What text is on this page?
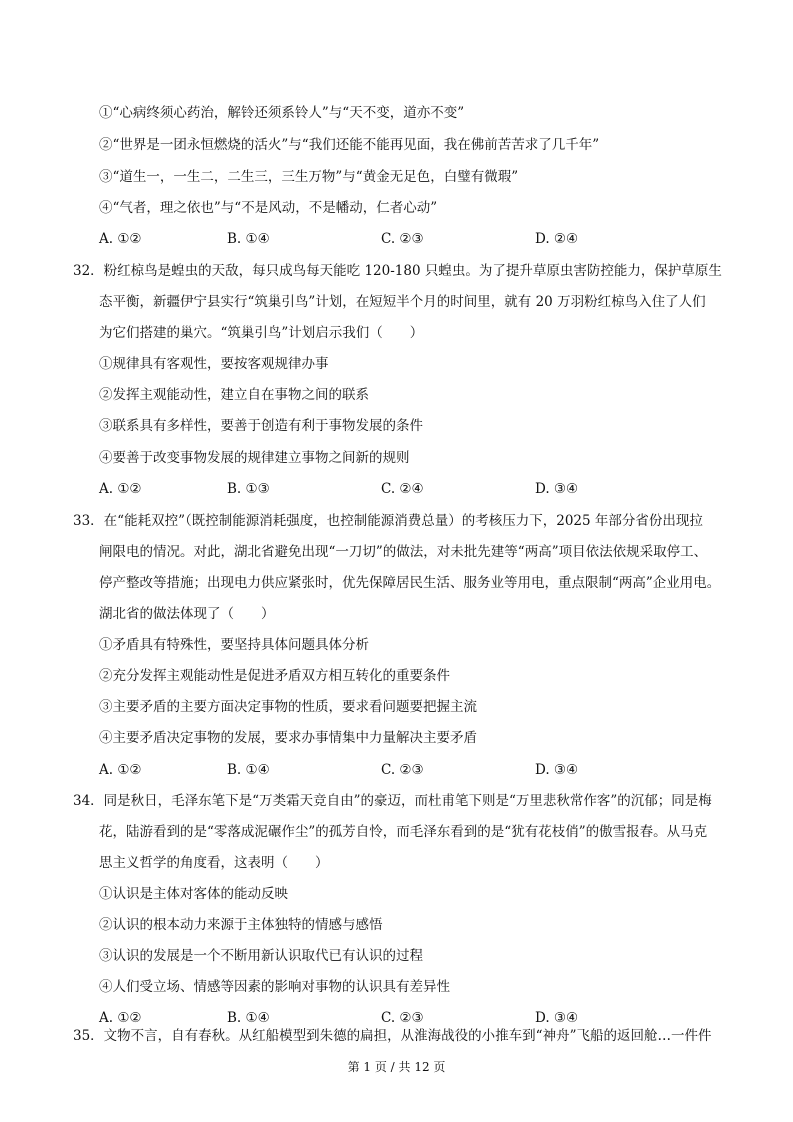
①“心病终须心药治，解铃还须系铃人”与“天不变，道亦不变”
②“世界是一团永恒燃烧的活火”与“我们还能不能再见面，我在佛前苦苦求了几千年”
③“道生一，一生二，二生三，三生万物”与“黄金无足色，白璧有微瑕”
④“气者，理之依也”与“不是风动，不是幡动，仁者心动”
A. ①②	B. ①④	C. ②③	D. ②④
32．粉红椋鸟是蝗虫的天敌，每只成鸟每天能吃 120-180 只蝗虫。为了提升草原虫害防控能力，保护草原生
态平衡，新疆伊宁县实行“筑巢引鸟”计划，在短短半个月的时间里，就有 20 万羽粉红椋鸟入住了人们
为它们搭建的巢穴。“筑巢引鸟”计划启示我们（　　）
①规律具有客观性，要按客观规律办事
②发挥主观能动性，建立自在事物之间的联系
③联系具有多样性，要善于创造有利于事物发展的条件
④要善于改变事物发展的规律建立事物之间新的规则
A. ①②	B. ①③	C. ②④	D. ③④
33．在“能耗双控”（既控制能源消耗强度，也控制能源消费总量）的考核压力下，2025 年部分省份出现拉
闸限电的情况。对此，湖北省避免出现“一刀切”的做法，对未批先建等“两高”项目依法依规采取停工、
停产整改等措施；出现电力供应紧张时，优先保障居民生活、服务业等用电，重点限制“两高”企业用电。
湖北省的做法体现了（　　）
①矛盾具有特殊性，要坚持具体问题具体分析
②充分发挥主观能动性是促进矛盾双方相互转化的重要条件
③主要矛盾的主要方面决定事物的性质，要求看问题要把握主流
④主要矛盾决定事物的发展，要求办事情集中力量解决主要矛盾
A. ①②	B. ①④	C. ②③	D. ③④
34．同是秋日，毛泽东笔下是“万类霜天竞自由”的豪迈，而杜甫笔下则是“万里悲秋常作客”的沉郁；同是梅
花，陆游看到的是“零落成泥碾作尘”的孤芳自怜，而毛泽东看到的是“犹有花枝俏”的傲雪报春。从马克
思主义哲学的角度看，这表明（　　）
①认识是主体对客体的能动反映
②认识的根本动力来源于主体独特的情感与感悟
③认识的发展是一个不断用新认识取代已有认识的过程
④人们受立场、情感等因素的影响对事物的认识具有差异性
A. ①②	B. ①④	C. ②③	D. ③④
35．文物不言，自有春秋。从红船模型到朱德的扁担，从淮海战役的小推车到“神舟”飞船的返回舱…一件件
第 1 页 / 共 12 页
